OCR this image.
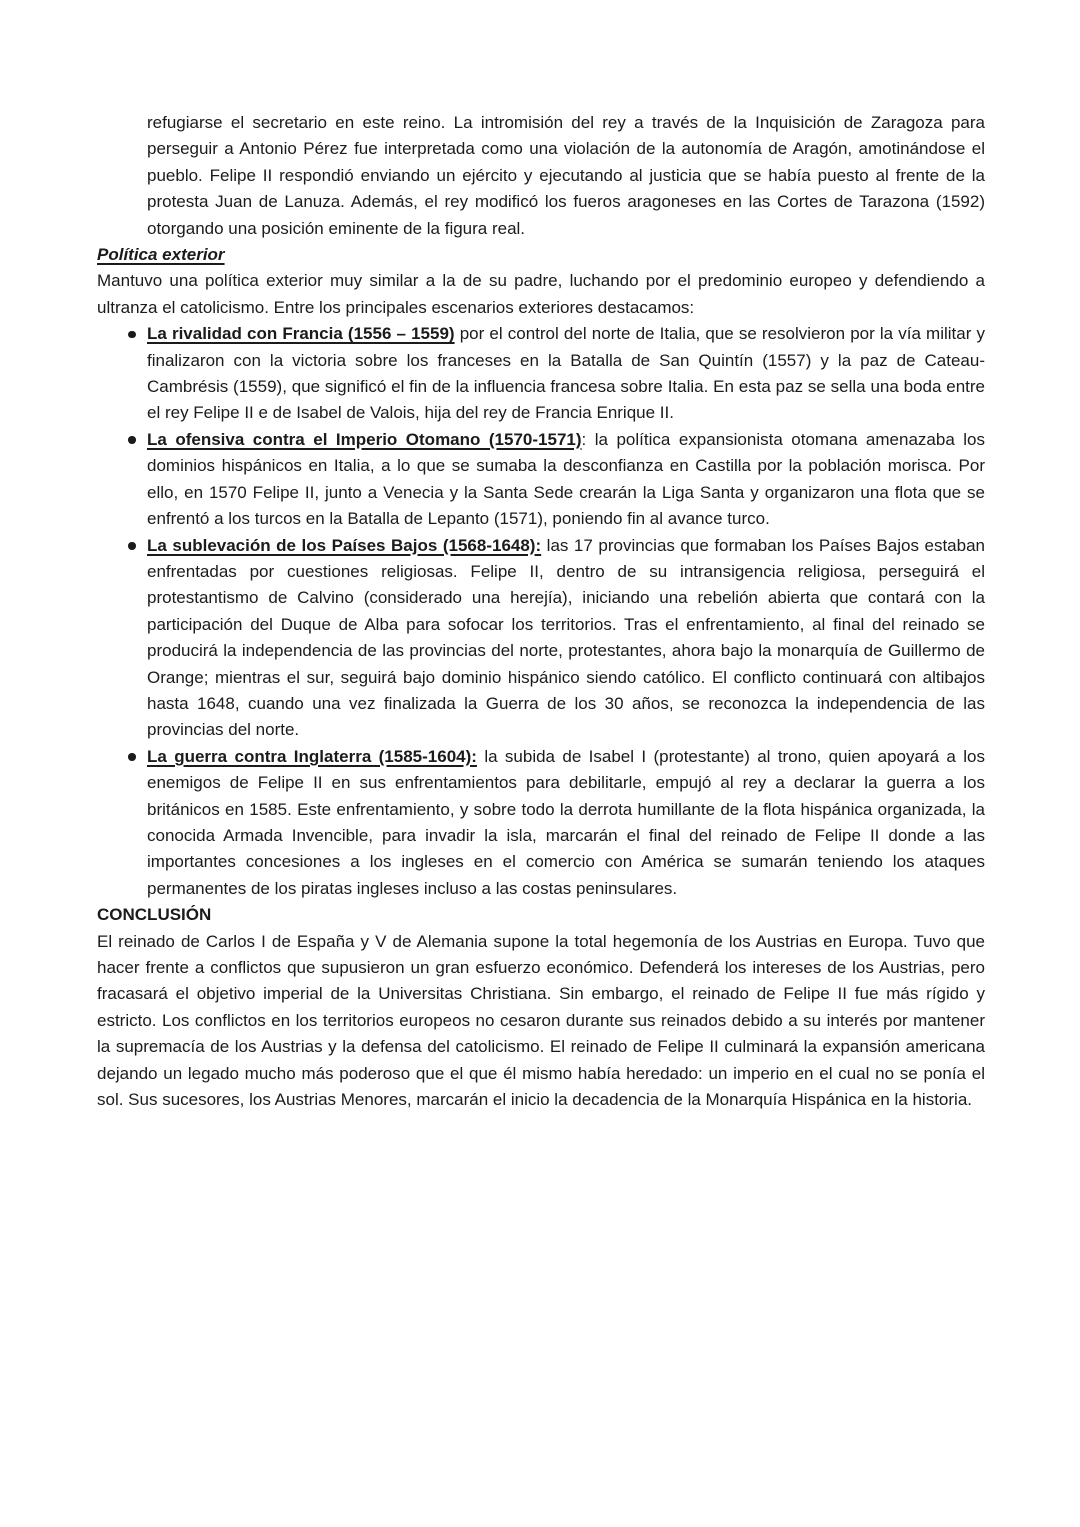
refugiarse el secretario en este reino. La intromisión del rey a través de la Inquisición de Zaragoza para perseguir a Antonio Pérez fue interpretada como una violación de la autonomía de Aragón, amotinándose el pueblo. Felipe II respondió enviando un ejército y ejecutando al justicia que se había puesto al frente de la protesta Juan de Lanuza. Además, el rey modificó los fueros aragoneses en las Cortes de Tarazona (1592) otorgando una posición eminente de la figura real.

Política exterior

Mantuvo una política exterior muy similar a la de su padre, luchando por el predominio europeo y defendiendo a ultranza el catolicismo. Entre los principales escenarios exteriores destacamos:

La rivalidad con Francia (1556 – 1559) por el control del norte de Italia, que se resolvieron por la vía militar y finalizaron con la victoria sobre los franceses en la Batalla de San Quintín (1557) y la paz de Cateau-Cambrésis (1559), que significó el fin de la influencia francesa sobre Italia. En esta paz se sella una boda entre el rey Felipe II e de Isabel de Valois, hija del rey de Francia Enrique II.
La ofensiva contra el Imperio Otomano (1570-1571): la política expansionista otomana amenazaba los dominios hispánicos en Italia, a lo que se sumaba la desconfianza en Castilla por la población morisca. Por ello, en 1570 Felipe II, junto a Venecia y la Santa Sede crearán la Liga Santa y organizaron una flota que se enfrentó a los turcos en la Batalla de Lepanto (1571), poniendo fin al avance turco.
La sublevación de los Países Bajos (1568-1648): las 17 provincias que formaban los Países Bajos estaban enfrentadas por cuestiones religiosas. Felipe II, dentro de su intransigencia religiosa, perseguirá el protestantismo de Calvino (considerado una herejía), iniciando una rebelión abierta que contará con la participación del Duque de Alba para sofocar los territorios. Tras el enfrentamiento, al final del reinado se producirá la independencia de las provincias del norte, protestantes, ahora bajo la monarquía de Guillermo de Orange; mientras el sur, seguirá bajo dominio hispánico siendo católico. El conflicto continuará con altibajos hasta 1648, cuando una vez finalizada la Guerra de los 30 años, se reconozca la independencia de las provincias del norte.
La guerra contra Inglaterra (1585-1604): la subida de Isabel I (protestante) al trono, quien apoyará a los enemigos de Felipe II en sus enfrentamientos para debilitarle, empujó al rey a declarar la guerra a los británicos en 1585. Este enfrentamiento, y sobre todo la derrota humillante de la flota hispánica organizada, la conocida Armada Invencible, para invadir la isla, marcarán el final del reinado de Felipe II donde a las importantes concesiones a los ingleses en el comercio con América se sumarán teniendo los ataques permanentes de los piratas ingleses incluso a las costas peninsulares.
CONCLUSIÓN

El reinado de Carlos I de España y V de Alemania supone la total hegemonía de los Austrias en Europa. Tuvo que hacer frente a conflictos que supusieron un gran esfuerzo económico. Defenderá los intereses de los Austrias, pero fracasará el objetivo imperial de la Universitas Christiana. Sin embargo, el reinado de Felipe II fue más rígido y estricto. Los conflictos en los territorios europeos no cesaron durante sus reinados debido a su interés por mantener la supremacía de los Austrias y la defensa del catolicismo. El reinado de Felipe II culminará la expansión americana dejando un legado mucho más poderoso que el que él mismo había heredado: un imperio en el cual no se ponía el sol. Sus sucesores, los Austrias Menores, marcarán el inicio la decadencia de la Monarquía Hispánica en la historia.
